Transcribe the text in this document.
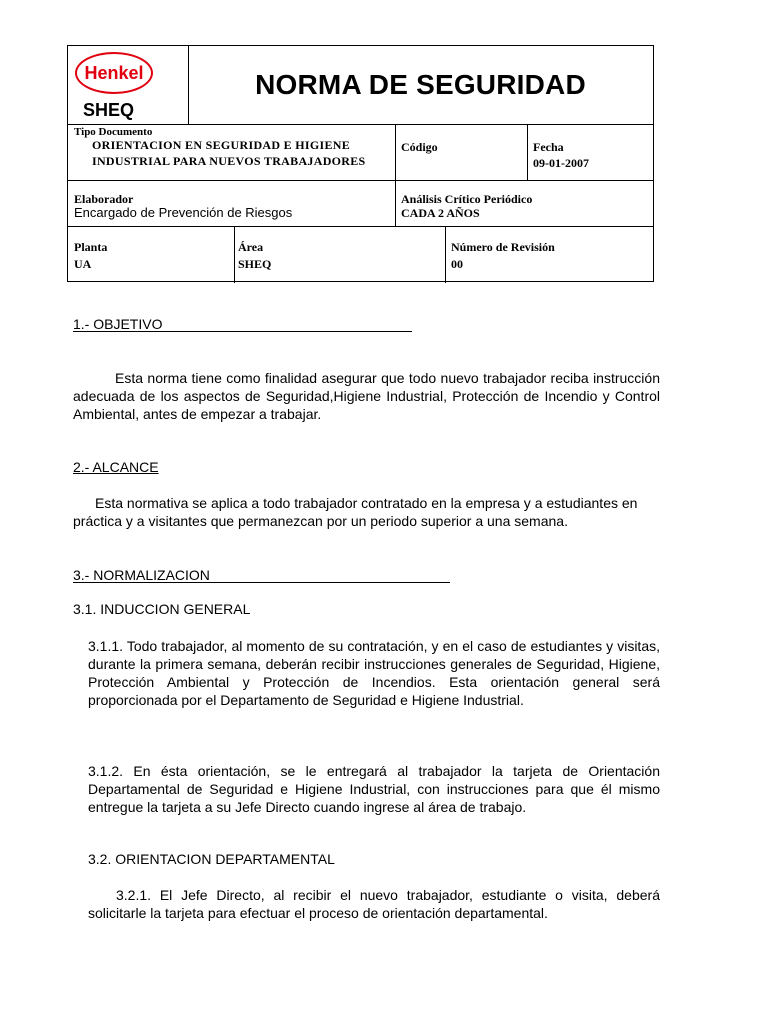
Henkel
SHEQ
NORMA DE SEGURIDAD
Tipo Documento
ORIENTACION EN SEGURIDAD E HIGIENE
INDUSTRIAL PARA NUEVOS TRABAJADORES
Código	Fecha
09-01-2007
Elaborador
Encargado de Prevención de Riesgos
Análisis Crítico Periódico
CADA 2 AÑOS
Planta
UA
Área
SHEQ
Número de Revisión
00
1.- OBJETIVO
Esta norma tiene como finalidad asegurar que todo nuevo trabajador reciba instrucción adecuada de los aspectos de Seguridad,Higiene Industrial, Protección de Incendio y Control Ambiental, antes de empezar a trabajar.
2.- ALCANCE
Esta normativa se aplica a todo trabajador contratado en la empresa y a estudiantes en práctica y a visitantes que permanezcan por un periodo superior a una semana.
3.- NORMALIZACION
3.1. INDUCCION GENERAL
3.1.1. Todo trabajador, al momento de su contratación, y en el caso de estudiantes y visitas, durante la primera semana, deberán recibir instrucciones generales de Seguridad, Higiene, Protección Ambiental y Protección de Incendios. Esta orientación general será proporcionada por el Departamento de Seguridad e Higiene Industrial.
3.1.2. En ésta orientación, se le entregará al trabajador la tarjeta de Orientación Departamental de Seguridad e Higiene Industrial, con instrucciones para que él mismo entregue la tarjeta a su Jefe Directo cuando ingrese al área de trabajo.
3.2. ORIENTACION DEPARTAMENTAL
3.2.1. El Jefe Directo, al recibir el nuevo trabajador, estudiante o visita, deberá solicitarle la tarjeta para efectuar el proceso de orientación departamental.
